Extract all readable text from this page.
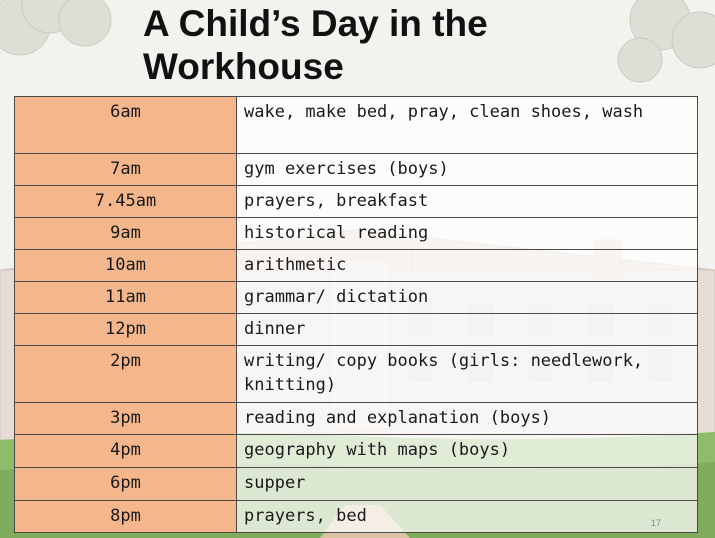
A Child’s Day in the Workhouse
6am	wake, make bed, pray, clean shoes, wash
7am	gym exercises (boys)
7.45am	prayers, breakfast
9am	historical reading
10am	arithmetic
11am	grammar/ dictation
12pm	dinner
2pm	writing/ copy books (girls: needlework, knitting)
3pm	reading and explanation (boys)
4pm	geography with maps (boys)
6pm	supper
8pm	prayers, bed	17
